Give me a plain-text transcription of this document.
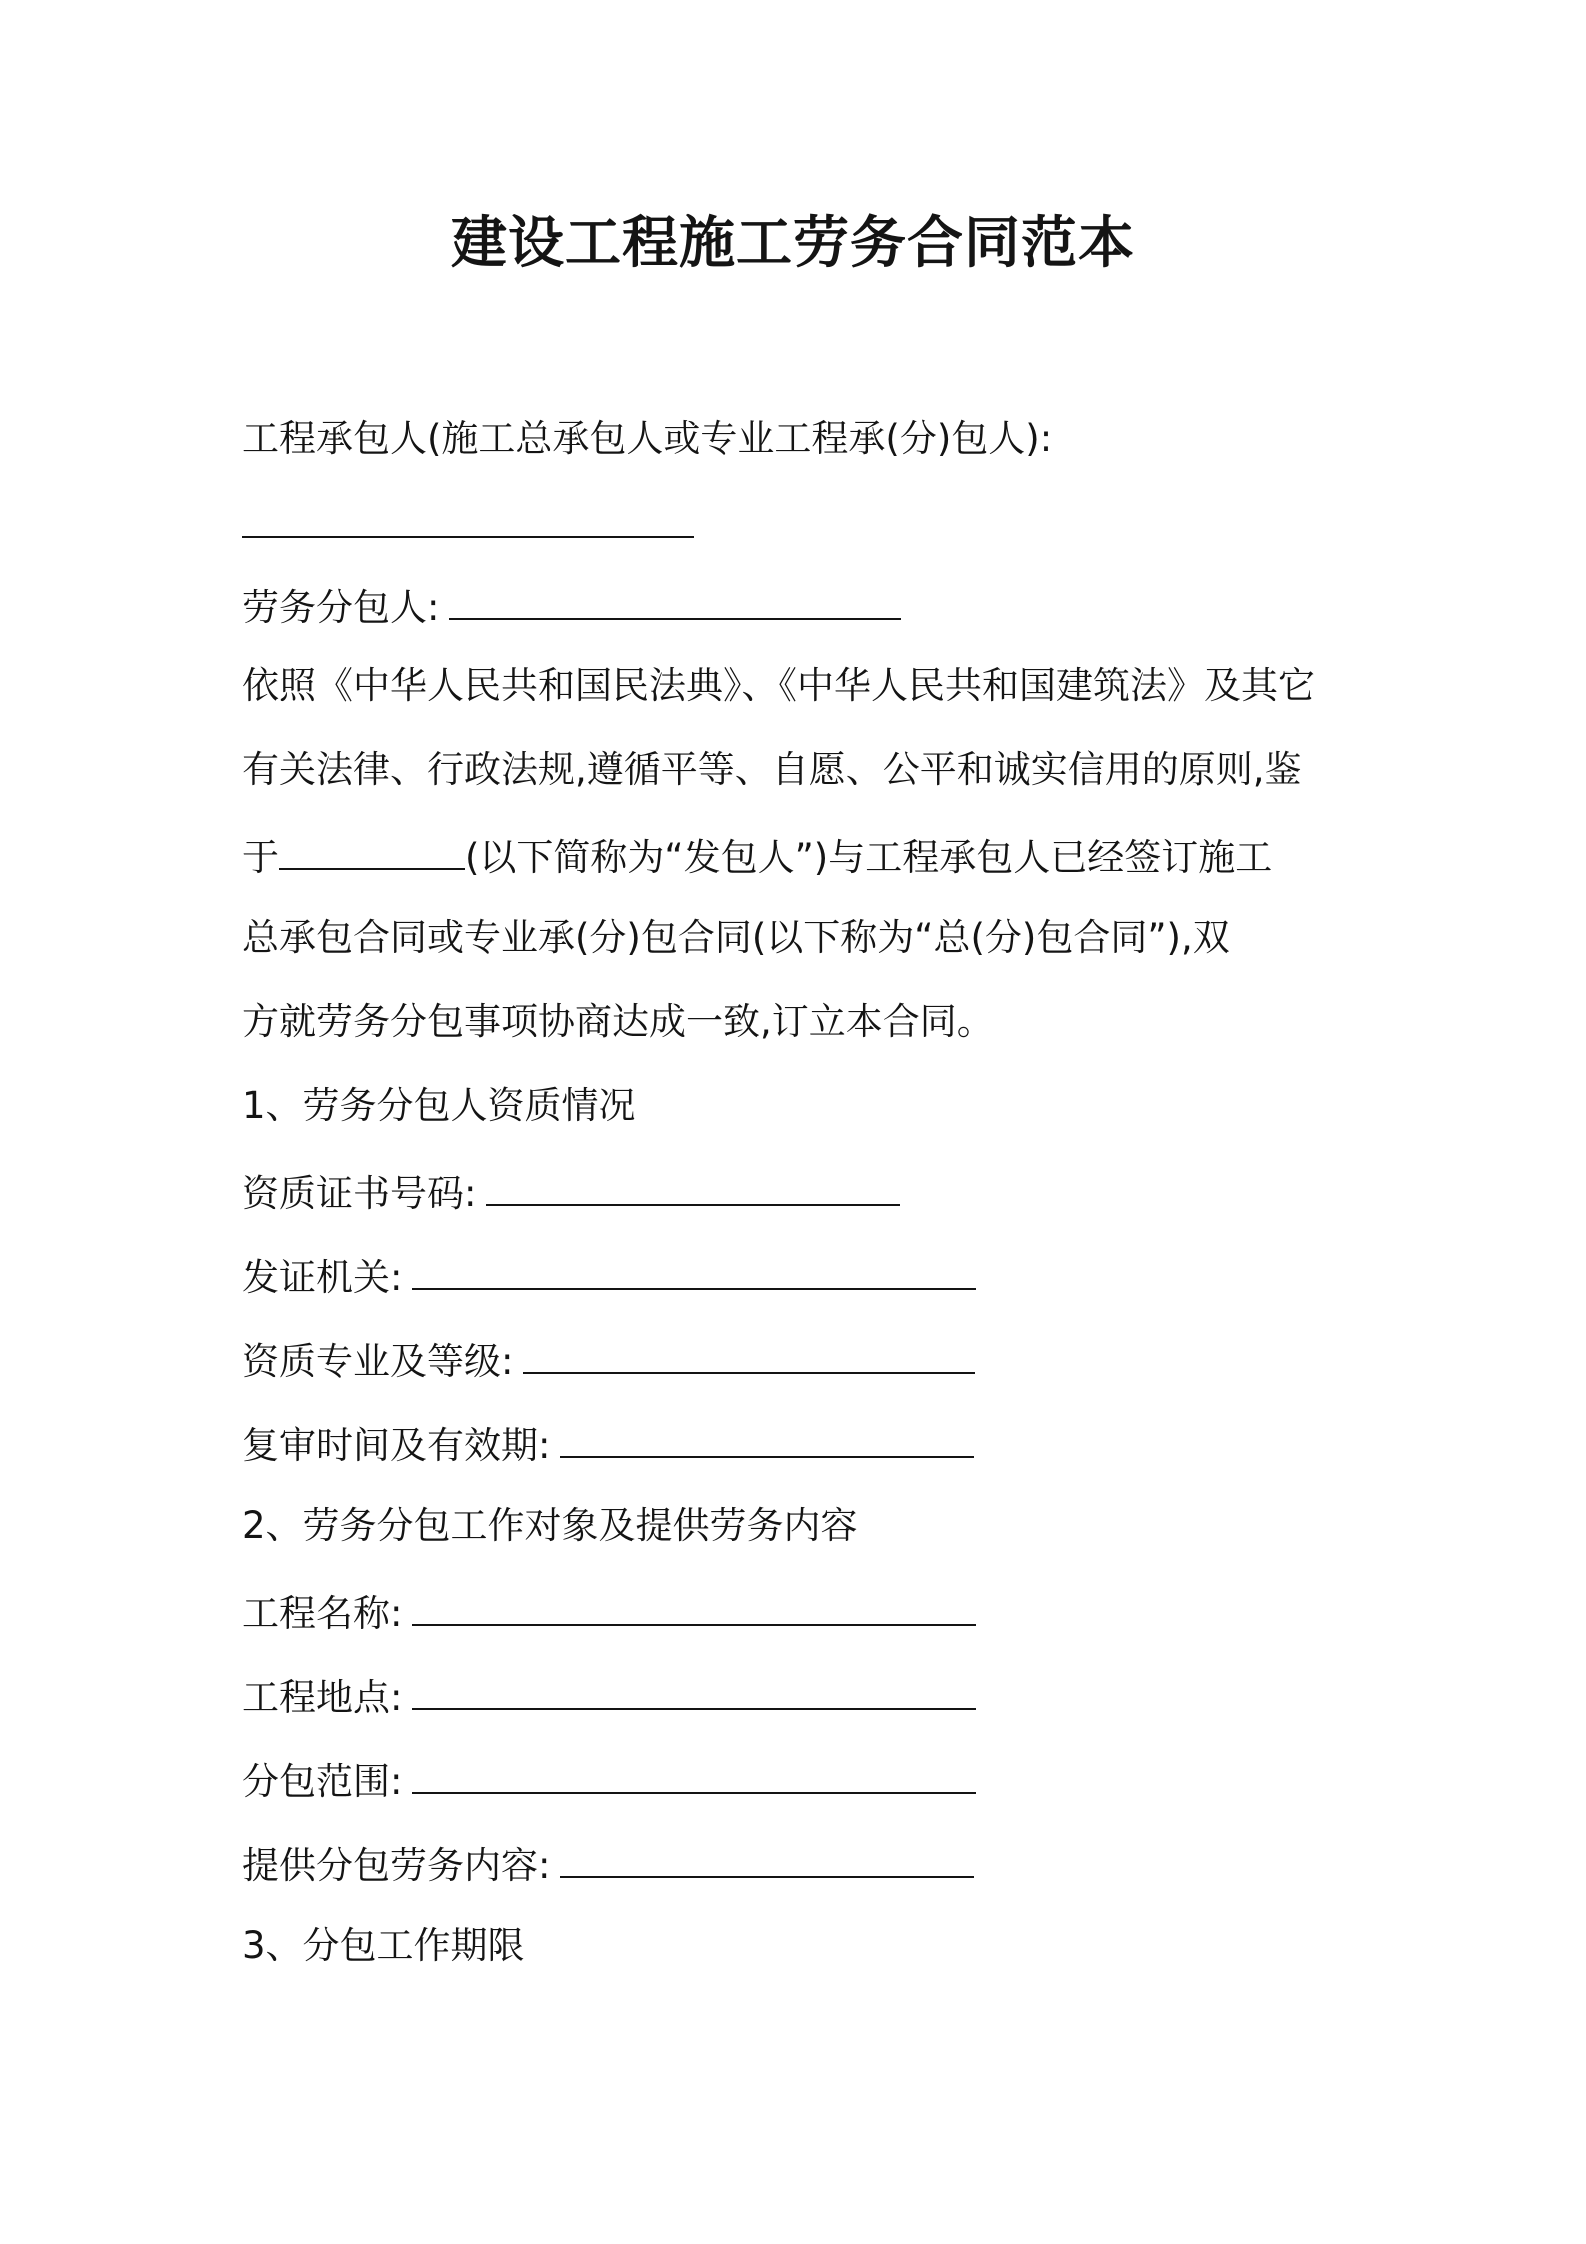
建设工程施工劳务合同范本
工程承包人(施工总承包人或专业工程承(分)包人):
劳务分包人:
依照《中华人民共和国民法典》、《中华人民共和国建筑法》及其它
有关法律、行政法规,遵循平等、自愿、公平和诚实信用的原则,鉴
于	(以下简称为“发包人”)与工程承包人已经签订施工
总承包合同或专业承(分)包合同(以下称为“总(分)包合同”),双
方就劳务分包事项协商达成一致,订立本合同。
1、劳务分包人资质情况
资质证书号码:
发证机关:
资质专业及等级:
复审时间及有效期:
2、劳务分包工作对象及提供劳务内容
工程名称:
工程地点:
分包范围:
提供分包劳务内容:
3、分包工作期限
